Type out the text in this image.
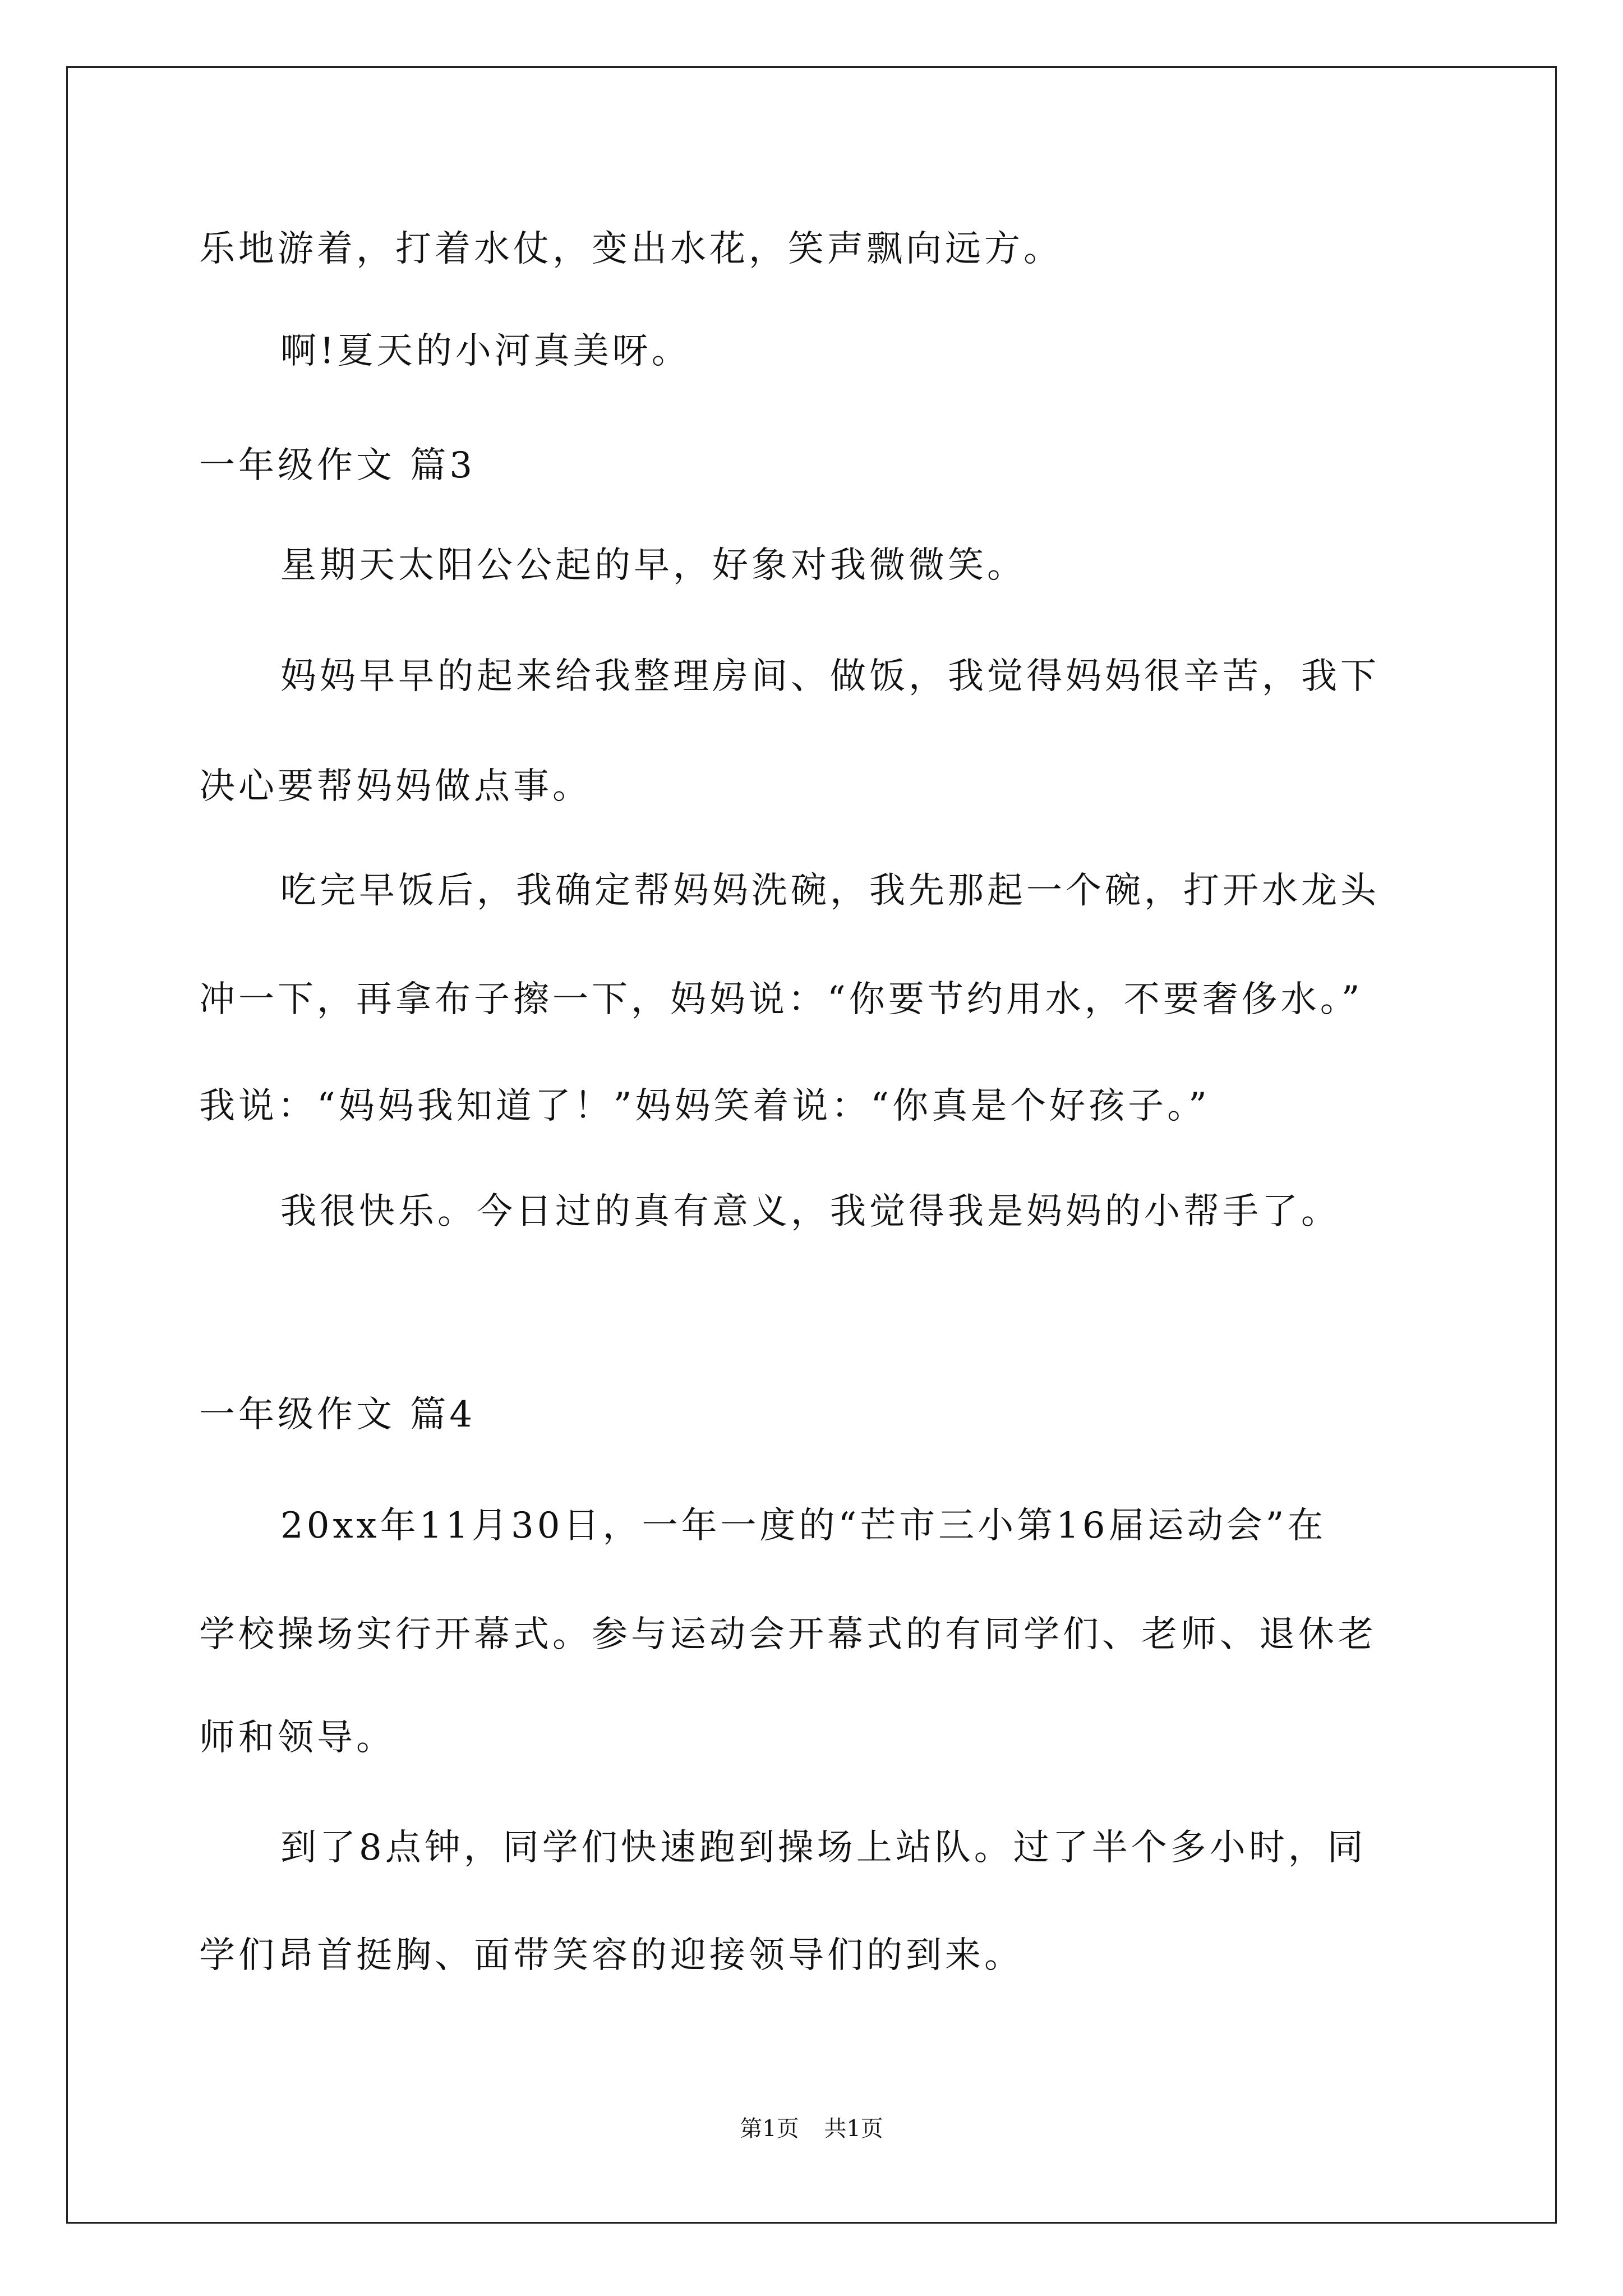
乐地游着，打着水仗，变出水花，笑声飘向远方。

啊!夏天的小河真美呀。

一年级作文 篇3

星期天太阳公公起的早，好象对我微微笑。

妈妈早早的起来给我整理房间、做饭，我觉得妈妈很辛苦，我下

决心要帮妈妈做点事。

吃完早饭后，我确定帮妈妈洗碗，我先那起一个碗，打开水龙头

冲一下，再拿布子擦一下，妈妈说：“你要节约用水，不要奢侈水。”

我说：“妈妈我知道了！”妈妈笑着说：“你真是个好孩子。”

我很快乐。今日过的真有意义，我觉得我是妈妈的小帮手了。

一年级作文 篇4

20xx年11月30日，一年一度的“芒市三小第16届运动会”在

学校操场实行开幕式。参与运动会开幕式的有同学们、老师、退休老

师和领导。

到了8点钟，同学们快速跑到操场上站队。过了半个多小时，同

学们昂首挺胸、面带笑容的迎接领导们的到来。

第1页 共1页
